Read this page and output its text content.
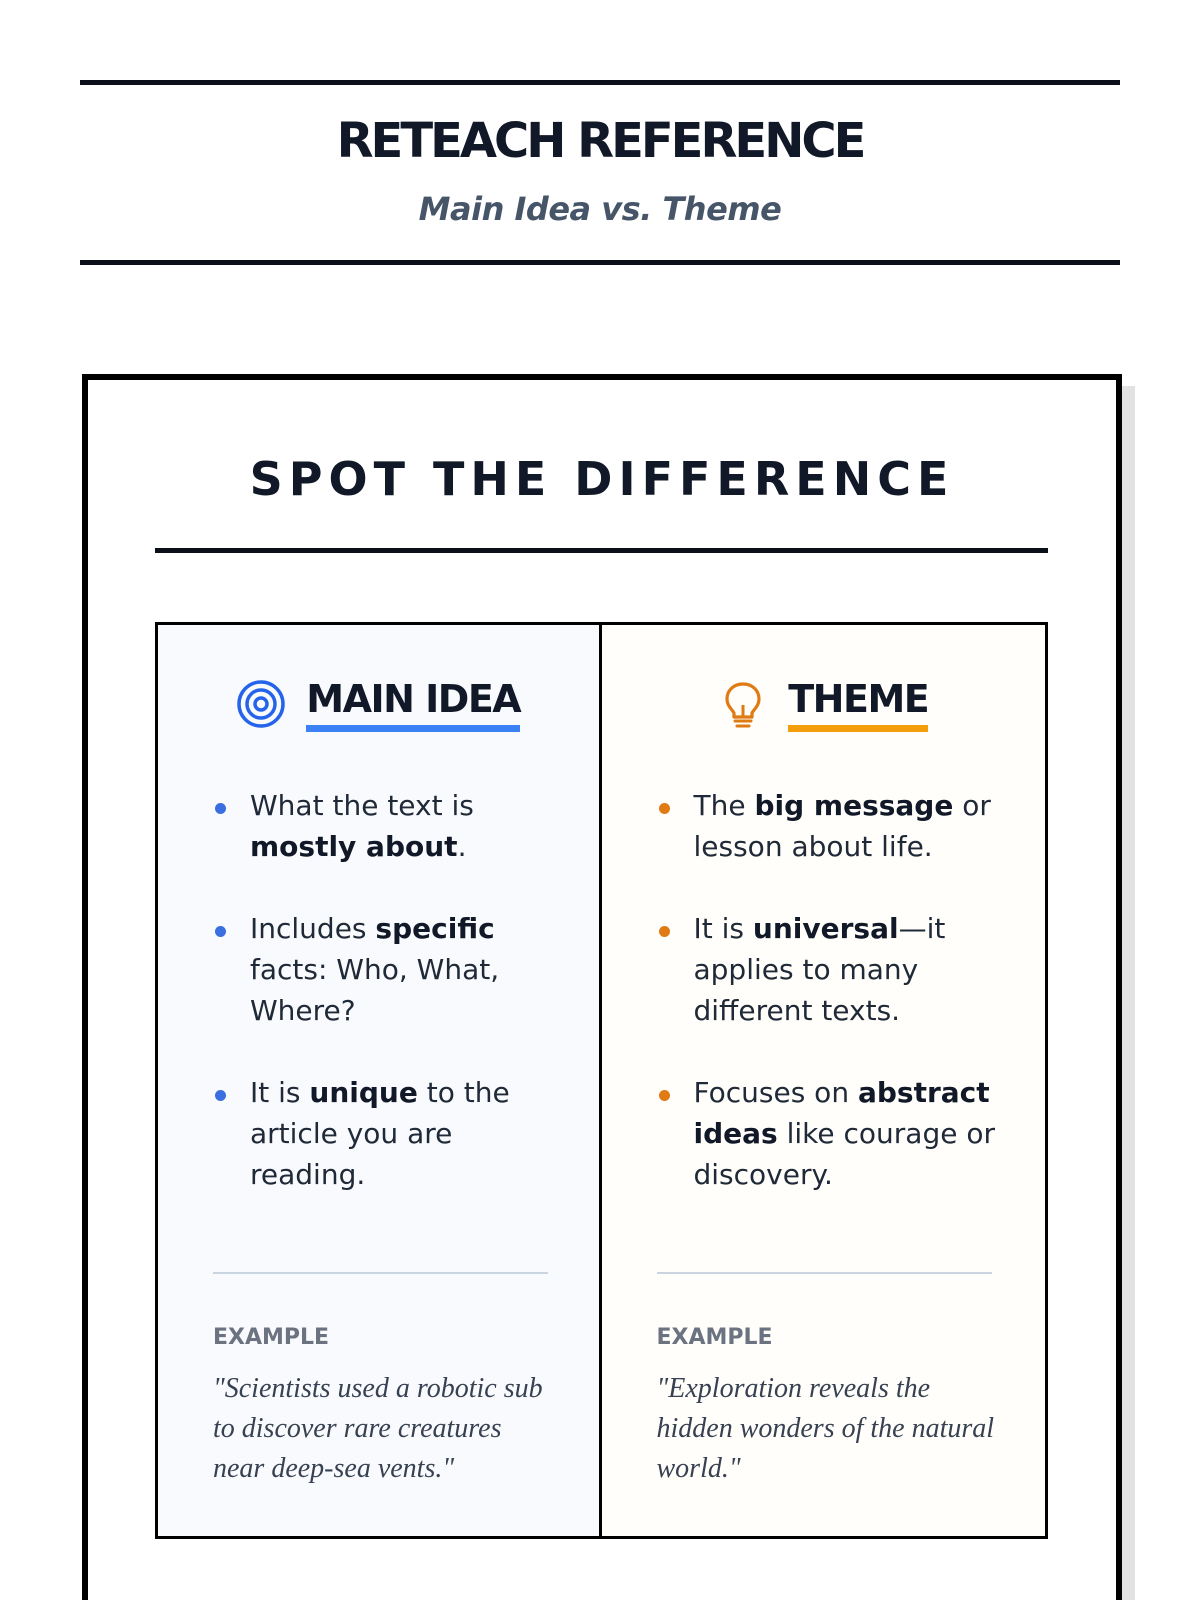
RETEACH REFERENCE
Main Idea vs. Theme
SPOT THE DIFFERENCE
MAIN IDEA
What the text is mostly about.
Includes specific facts: Who, What, Where?
It is unique to the article you are reading.
EXAMPLE
"Scientists used a robotic sub to discover rare creatures near deep-sea vents."
THEME
The big message or lesson about life.
It is universal—it applies to many different texts.
Focuses on abstract ideas like courage or discovery.
EXAMPLE
"Exploration reveals the hidden wonders of the natural world."
